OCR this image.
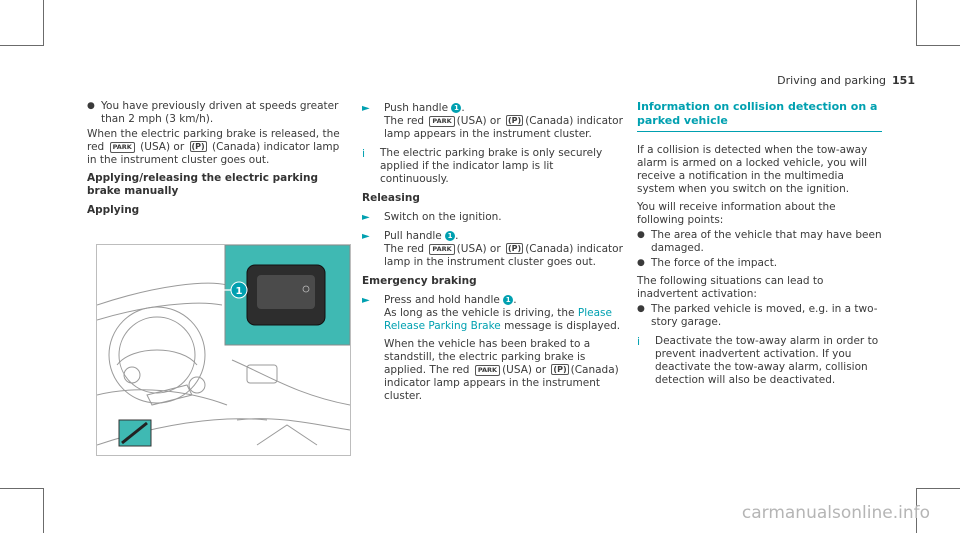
Driving and parking 151
● You have previously driven at speeds greater than 2 mph (3 km/h).

When the electric parking brake is released, the red PARK (USA) or (P) (Canada) indicator lamp in the instrument cluster goes out.

Applying/releasing the electric parking brake manually
Applying
1
►	Push handle 1 .
The red PARK (USA) or (P) (Canada) indicator lamp appears in the instrument cluster.
i	The electric parking brake is only securely applied if the indicator lamp is lit continuously.
Releasing
►	Switch on the ignition.
►	Pull handle 1 .
The red PARK (USA) or (P) (Canada) indicator lamp in the instrument cluster goes out.
Emergency braking
►	Press and hold handle 1 .
As long as the vehicle is driving, the Please Release Parking Brake message is displayed.
When the vehicle has been braked to a standstill, the electric parking brake is applied. The red PARK (USA) or (P) (Canada) indicator lamp appears in the instrument cluster.
Information on collision detection on a parked vehicle

If a collision is detected when the tow-away alarm is armed on a locked vehicle, you will receive a notification in the multimedia system when you switch on the ignition.

You will receive information about the following points:

● The area of the vehicle that may have been damaged.
● The force of the impact.

The following situations can lead to inadvertent activation:

● The parked vehicle is moved, e.g. in a two-story garage.
i	Deactivate the tow-away alarm in order to prevent inadvertent activation. If you deactivate the tow-away alarm, collision detection will also be deactivated.
carmanualsonline.info
